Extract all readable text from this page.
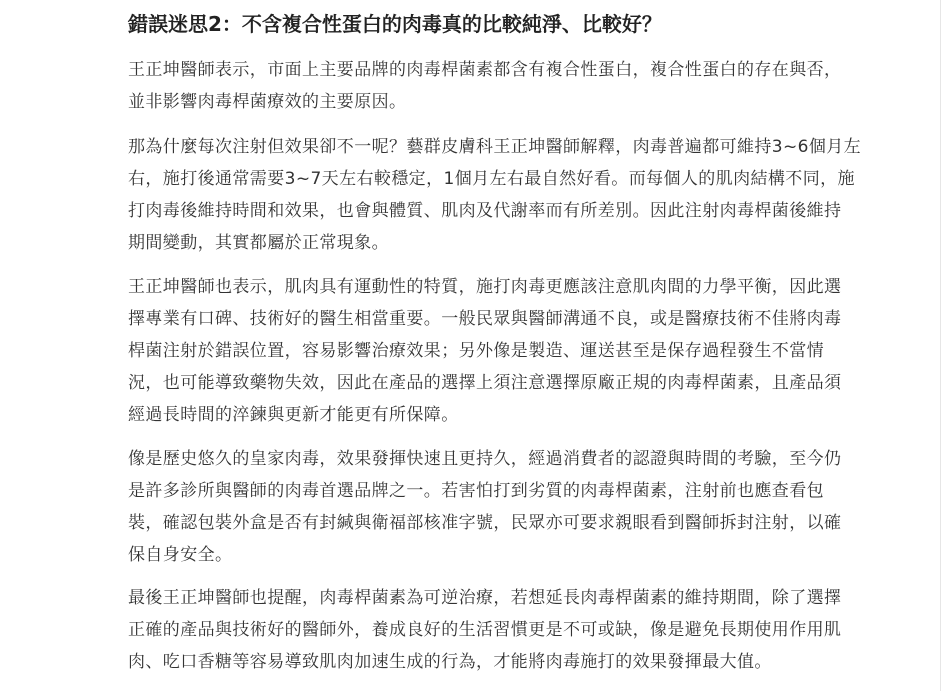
錯誤迷思2：不含複合性蛋白的肉毒真的比較純淨、比較好？

王正坤醫師表示，市面上主要品牌的肉毒桿菌素都含有複合性蛋白，複合性蛋白的存在與否，
並非影響肉毒桿菌療效的主要原因。

那為什麼每次注射但效果卻不一呢？藝群皮膚科王正坤醫師解釋，肉毒普遍都可維持3~6個月左
右，施打後通常需要3~7天左右較穩定，1個月左右最自然好看。而每個人的肌肉結構不同，施
打肉毒後維持時間和效果，也會與體質、肌肉及代謝率而有所差別。因此注射肉毒桿菌後維持
期間變動，其實都屬於正常現象。

王正坤醫師也表示，肌肉具有運動性的特質，施打肉毒更應該注意肌肉間的力學平衡，因此選
擇專業有口碑、技術好的醫生相當重要。一般民眾與醫師溝通不良，或是醫療技術不佳將肉毒
桿菌注射於錯誤位置，容易影響治療效果；另外像是製造、運送甚至是保存過程發生不當情
況，也可能導致藥物失效，因此在產品的選擇上須注意選擇原廠正規的肉毒桿菌素，且產品須
經過長時間的淬鍊與更新才能更有所保障。

像是歷史悠久的皇家肉毒，效果發揮快速且更持久，經過消費者的認證與時間的考驗，至今仍
是許多診所與醫師的肉毒首選品牌之一。若害怕打到劣質的肉毒桿菌素，注射前也應查看包
裝，確認包裝外盒是否有封緘與衛福部核准字號，民眾亦可要求親眼看到醫師拆封注射，以確
保自身安全。

最後王正坤醫師也提醒，肉毒桿菌素為可逆治療，若想延長肉毒桿菌素的維持期間，除了選擇
正確的產品與技術好的醫師外，養成良好的生活習慣更是不可或缺，像是避免長期使用作用肌
肉、吃口香糖等容易導致肌肉加速生成的行為，才能將肉毒施打的效果發揮最大值。
